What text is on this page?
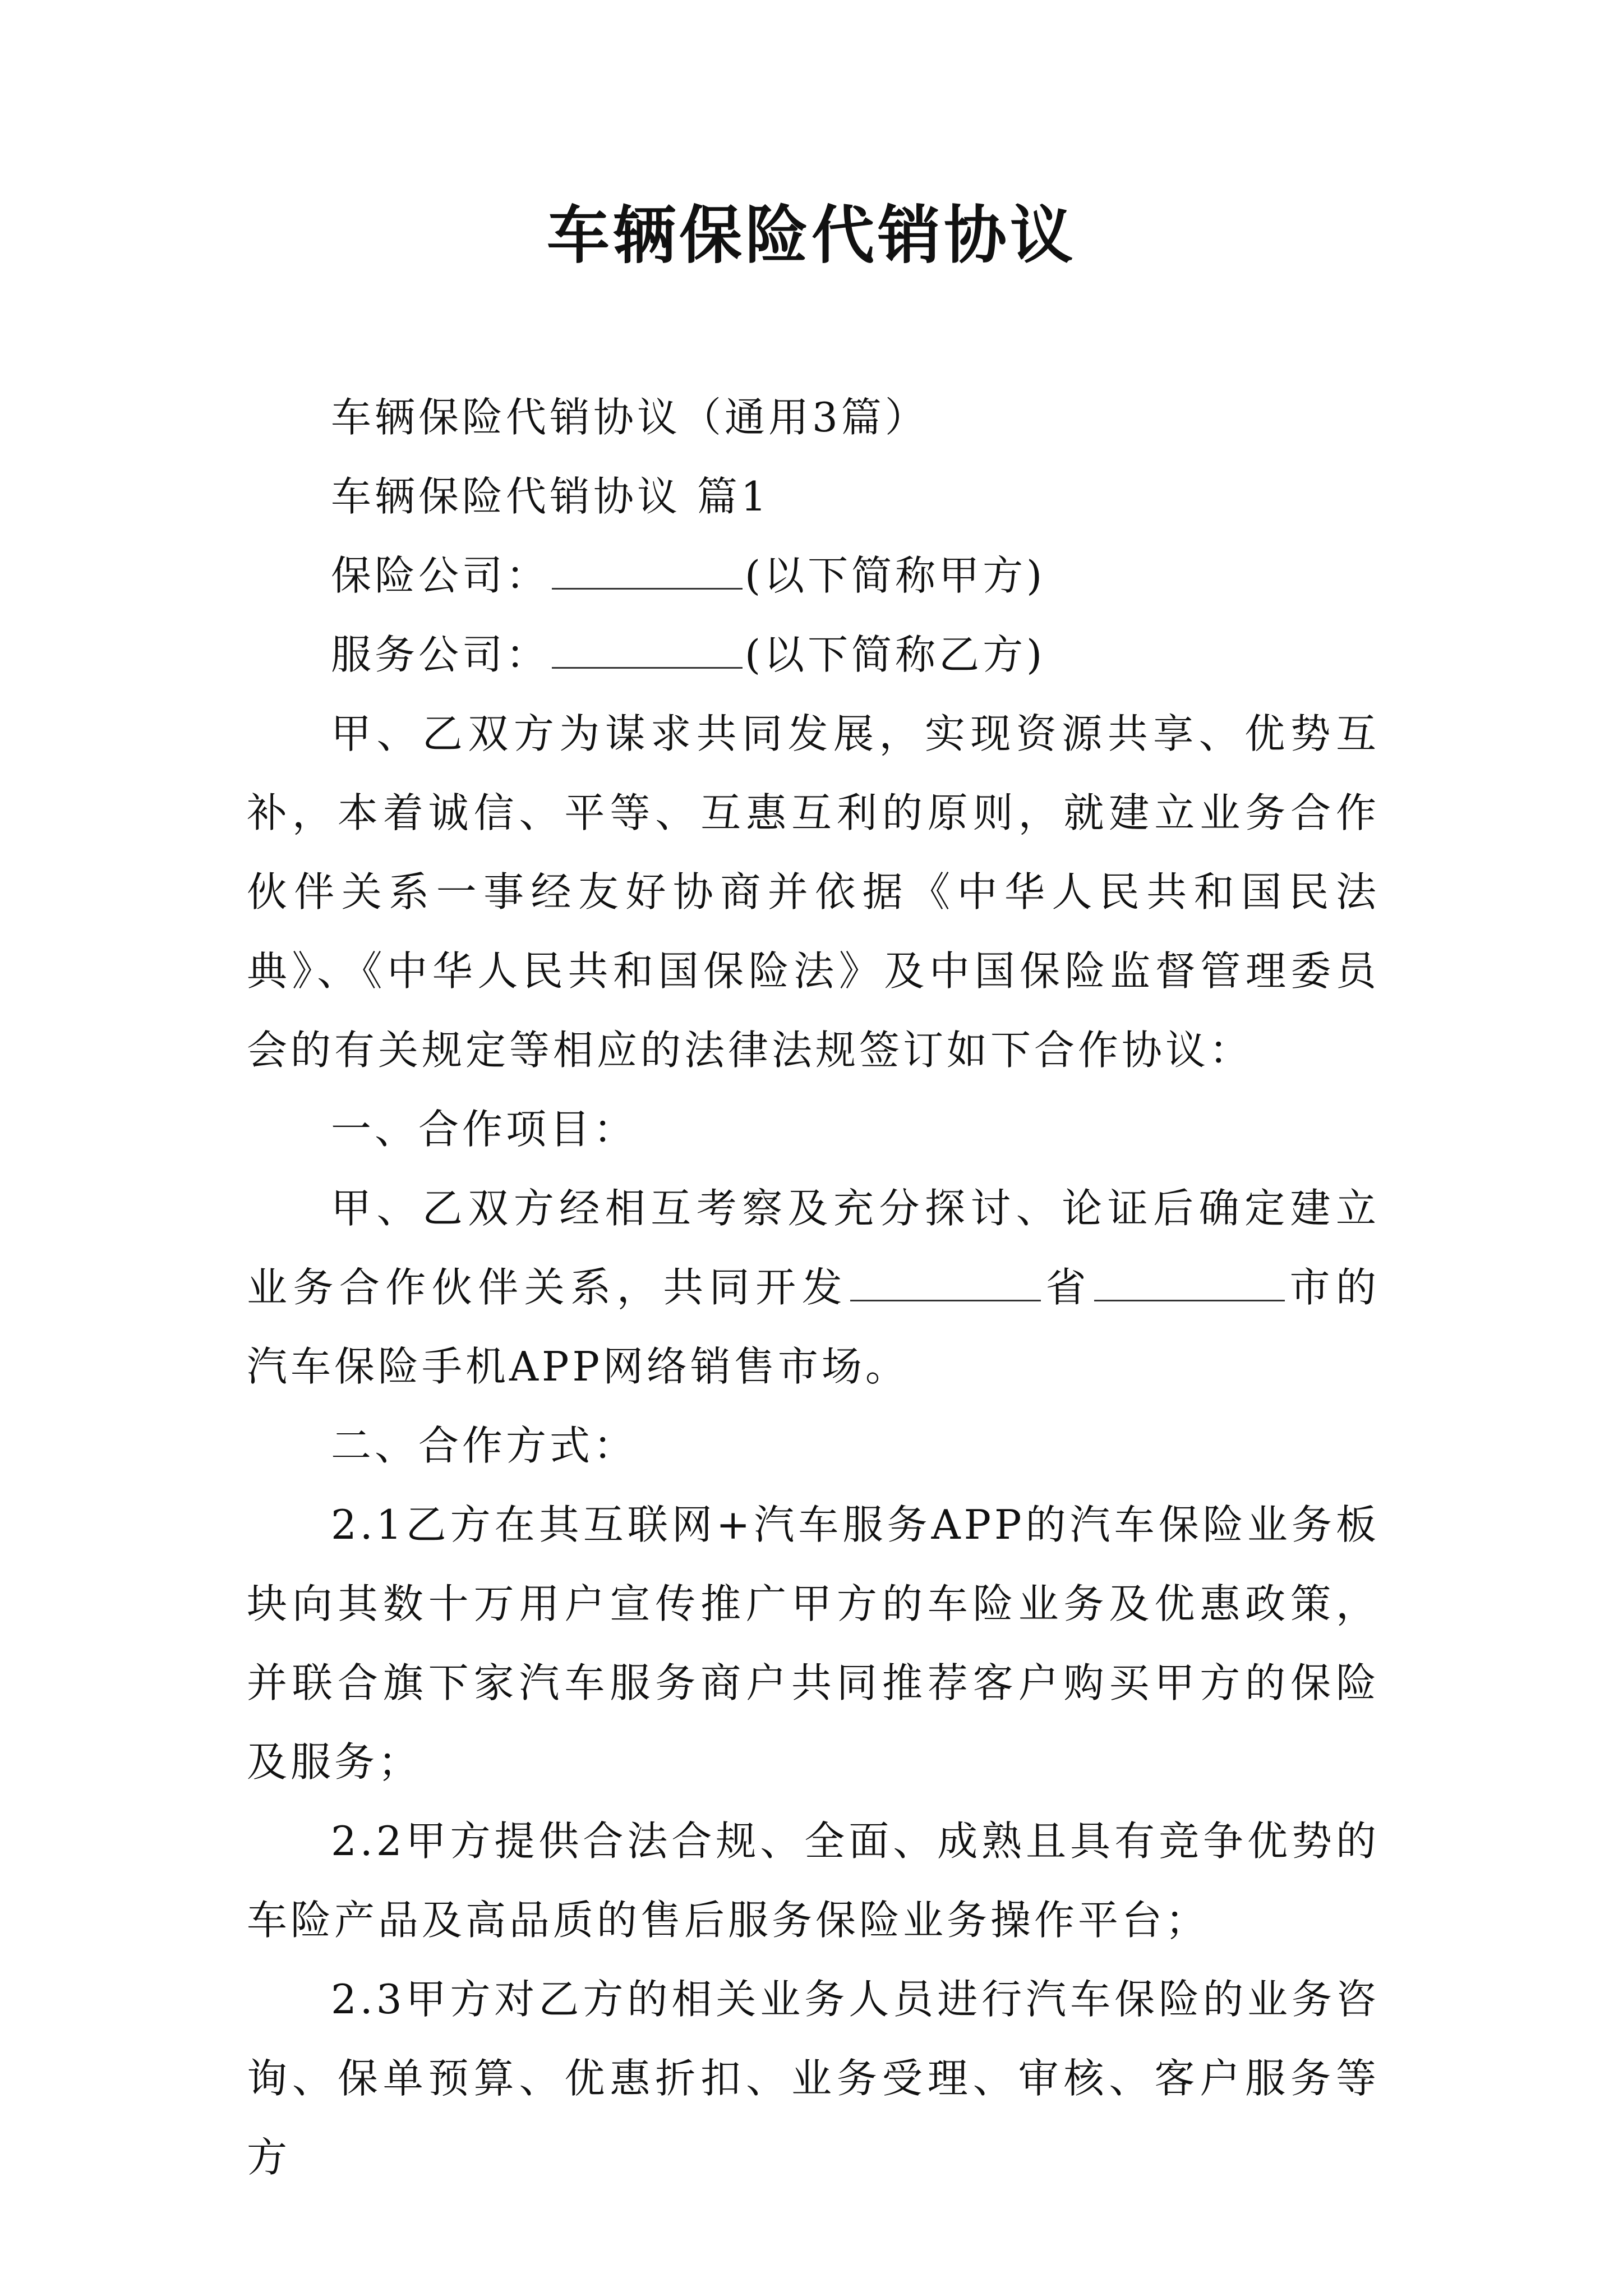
车辆保险代销协议

车辆保险代销协议（通用3篇）

车辆保险代销协议 篇1

保险公司：	(以下简称甲方)

服务公司：	(以下简称乙方)

甲、乙双方为谋求共同发展，实现资源共享、优势互补，本着诚信、平等、互惠互利的原则，就建立业务合作伙伴关系一事经友好协商并依据《中华人民共和国民法典》、《中华人民共和国保险法》及中国保险监督管理委员会的有关规定等相应的法律法规签订如下合作协议：

一、合作项目：

甲、乙双方经相互考察及充分探讨、论证后确定建立业务合作伙伴关系，共同开发	省	市的汽车保险手机APP网络销售市场。

二、合作方式：

2.1乙方在其互联网+汽车服务APP的汽车保险业务板块向其数十万用户宣传推广甲方的车险业务及优惠政策，并联合旗下家汽车服务商户共同推荐客户购买甲方的保险及服务；

2.2甲方提供合法合规、全面、成熟且具有竞争优势的车险产品及高品质的售后服务保险业务操作平台；

2.3甲方对乙方的相关业务人员进行汽车保险的业务咨询、保单预算、优惠折扣、业务受理、审核、客户服务等方
